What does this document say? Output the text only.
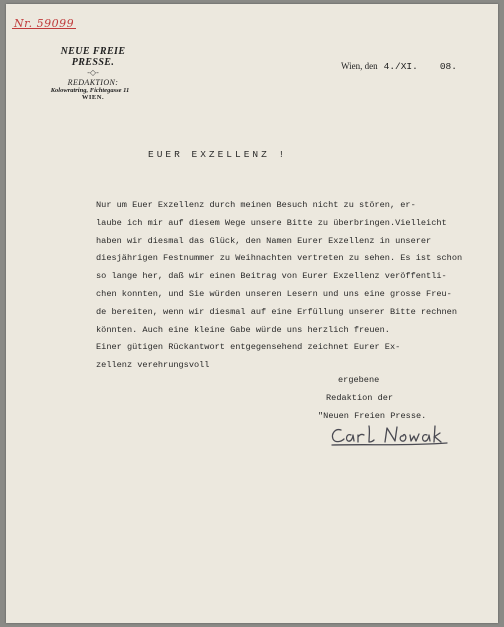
Nr. 59099
NEUE FREIE PRESSE.
-◇-
REDAKTION:
Kolowratring, Fichtegasse 11
WIEN.
Wien, den 4./XI. 08.
EUER EXZELLENZ !
Nur um Euer Exzellenz durch meinen Besuch nicht zu stören, er-
laube ich mir auf diesem Wege unsere Bitte zu überbringen.Vielleicht
haben wir diesmal das Glück, den Namen Eurer Exzellenz in unserer
diesjährigen Festnummer zu Weihnachten vertreten zu sehen. Es ist schon
so lange her, daß wir einen Beitrag von Eurer Exzellenz veröffentli-
chen konnten, und Sie würden unseren Lesern und uns eine grosse Freu-
de bereiten, wenn wir diesmal auf eine Erfüllung unserer Bitte rechnen
könnten. Auch eine kleine Gabe würde uns herzlich freuen.
Einer gütigen Rückantwort entgegensehend zeichnet Eurer Ex-
zellenz verehrungsvoll
ergebene
Redaktion der
"Neuen Freien Presse.
